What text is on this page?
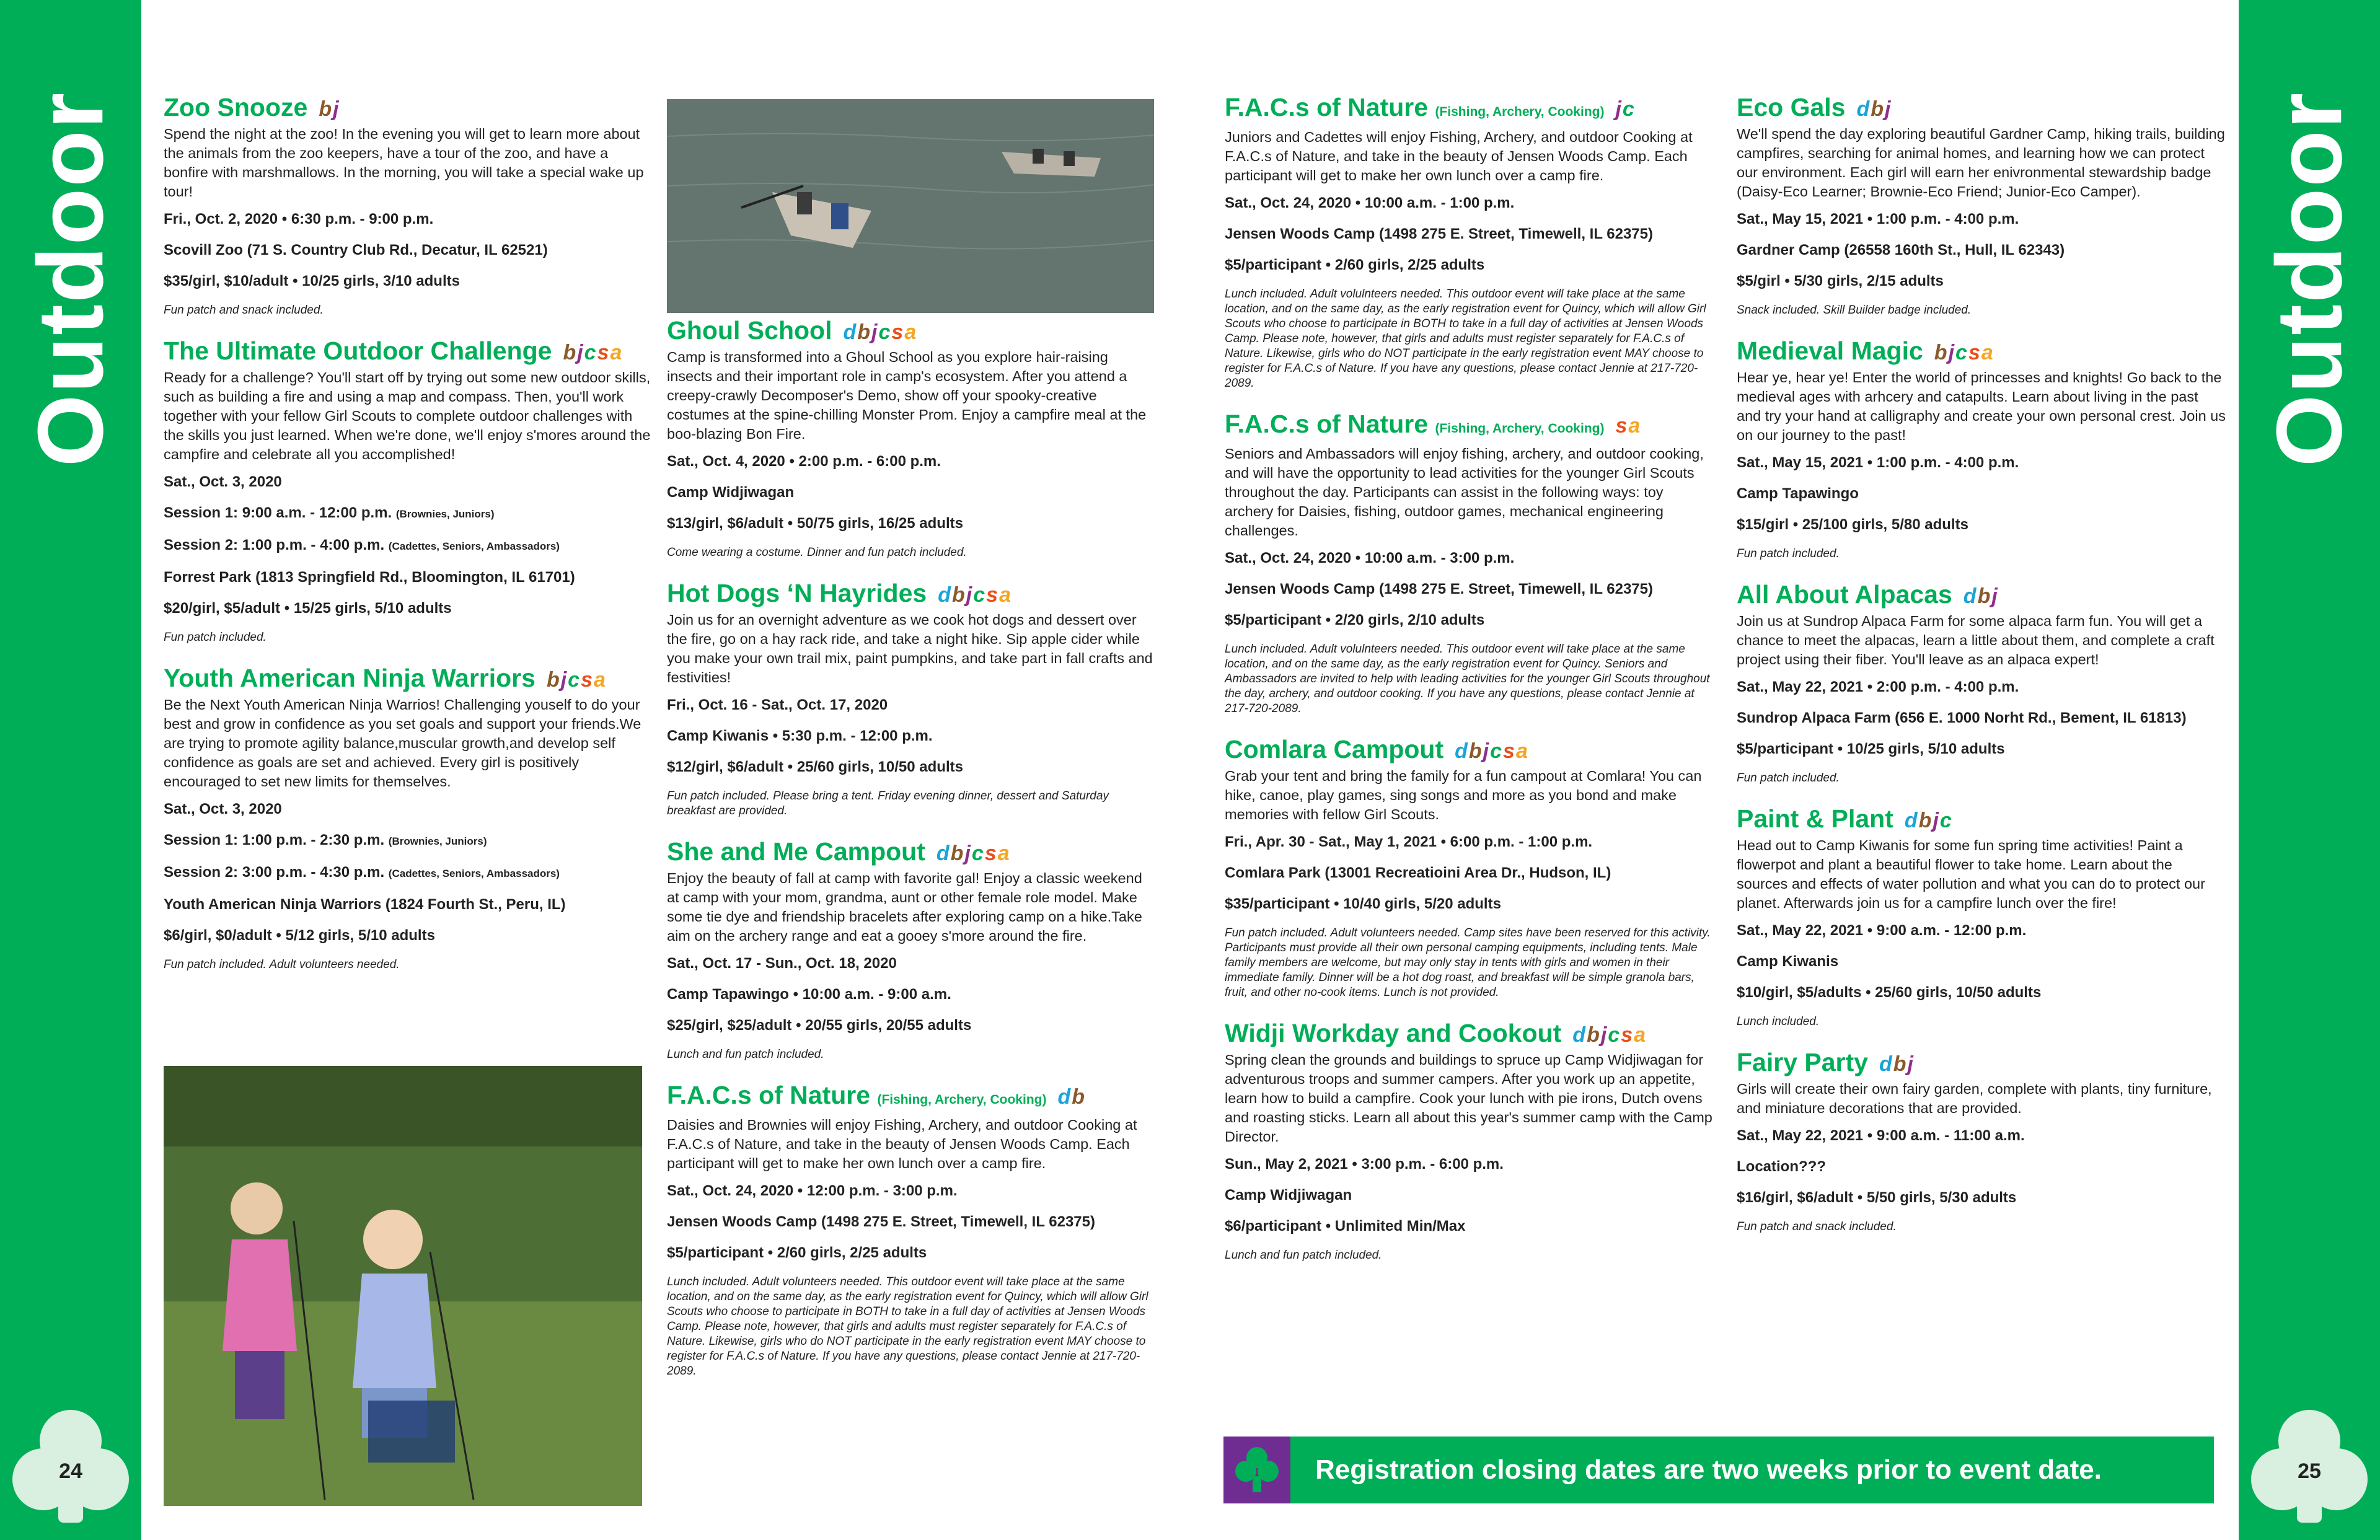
Outdoor
24
Outdoor
25
Zoo Snooze bj
Spend the night at the zoo! In the evening you will get to learn more about the animals from the zoo keepers, have a tour of the zoo, and have a bonfire with marshmallows. In the morning, you will take a special wake up tour!
Fri., Oct. 2, 2020 • 6:30 p.m. - 9:00 p.m.
Scovill Zoo (71 S. Country Club Rd., Decatur, IL 62521)
$35/girl, $10/adult • 10/25 girls, 3/10 adults
Fun patch and snack included.
The Ultimate Outdoor Challenge bjcsa
Ready for a challenge? You'll start off by trying out some new outdoor skills, such as building a fire and using a map and compass. Then, you'll work together with your fellow Girl Scouts to complete outdoor challenges with the skills you just learned. When we're done, we'll enjoy s'mores around the campfire and celebrate all you accomplished!
Sat., Oct. 3, 2020
Session 1: 9:00 a.m. - 12:00 p.m. (Brownies, Juniors)
Session 2: 1:00 p.m. - 4:00 p.m. (Cadettes, Seniors, Ambassadors)
Forrest Park (1813 Springfield Rd., Bloomington, IL 61701)
$20/girl, $5/adult • 15/25 girls, 5/10 adults
Fun patch included.
Youth American Ninja Warriors bjcsa
Be the Next Youth American Ninja Warrios! Challenging youself to do your best and grow in confidence as you set goals and support your friends.We are trying to promote agility balance,muscular growth,and develop self confidence as goals are set and achieved. Every girl is positively encouraged to set new limits for themselves.
Sat., Oct. 3, 2020
Session 1: 1:00 p.m. - 2:30 p.m. (Brownies, Juniors)
Session 2: 3:00 p.m. - 4:30 p.m. (Cadettes, Seniors, Ambassadors)
Youth American Ninja Warriors (1824 Fourth St., Peru, IL)
$6/girl, $0/adult • 5/12 girls, 5/10 adults
Fun patch included. Adult volunteers needed.
Ghoul School dbjcsa
Camp is transformed into a Ghoul School as you explore hair-raising insects and their important role in camp's ecosystem. After you attend a creepy-crawly Decomposer's Demo, show off your spooky-creative costumes at the spine-chilling Monster Prom. Enjoy a campfire meal at the boo-blazing Bon Fire.
Sat., Oct. 4, 2020 • 2:00 p.m. - 6:00 p.m.
Camp Widjiwagan
$13/girl, $6/adult • 50/75 girls, 16/25 adults
Come wearing a costume. Dinner and fun patch included.
Hot Dogs ‘N Hayrides dbjcsa
Join us for an overnight adventure as we cook hot dogs and dessert over the fire, go on a hay rack ride, and take a night hike. Sip apple cider while you make your own trail mix, paint pumpkins, and take part in fall crafts and festivities!
Fri., Oct. 16 - Sat., Oct. 17, 2020
Camp Kiwanis • 5:30 p.m. - 12:00 p.m.
$12/girl, $6/adult • 25/60 girls, 10/50 adults
Fun patch included. Please bring a tent. Friday evening dinner, dessert and Saturday breakfast are provided.
She and Me Campout dbjcsa
Enjoy the beauty of fall at camp with favorite gal! Enjoy a classic weekend at camp with your mom, grandma, aunt or other female role model. Make some tie dye and friendship bracelets after exploring camp on a hike.Take aim on the archery range and eat a gooey s'more around the fire.
Sat., Oct. 17 - Sun., Oct. 18, 2020
Camp Tapawingo • 10:00 a.m. - 9:00 a.m.
$25/girl, $25/adult • 20/55 girls, 20/55 adults
Lunch and fun patch included.
F.A.C.s of Nature (Fishing, Archery, Cooking) db
Daisies and Brownies will enjoy Fishing, Archery, and outdoor Cooking at F.A.C.s of Nature, and take in the beauty of Jensen Woods Camp. Each participant will get to make her own lunch over a camp fire.
Sat., Oct. 24, 2020 • 12:00 p.m. - 3:00 p.m.
Jensen Woods Camp (1498 275 E. Street, Timewell, IL 62375)
$5/participant • 2/60 girls, 2/25 adults
Lunch included. Adult volunteers needed. This outdoor event will take place at the same location, and on the same day, as the early registration event for Quincy, which will allow Girl Scouts who choose to participate in BOTH to take in a full day of activities at Jensen Woods Camp. Please note, however, that girls and adults must register separately for F.A.C.s of Nature. Likewise, girls who do NOT participate in the early registration event MAY choose to register for F.A.C.s of Nature. If you have any questions, please contact Jennie at 217-720-2089.
F.A.C.s of Nature (Fishing, Archery, Cooking) jc
Juniors and Cadettes will enjoy Fishing, Archery, and outdoor Cooking at F.A.C.s of Nature, and take in the beauty of Jensen Woods Camp. Each participant will get to make her own lunch over a camp fire.
Sat., Oct. 24, 2020 • 10:00 a.m. - 1:00 p.m.
Jensen Woods Camp (1498 275 E. Street, Timewell, IL 62375)
$5/participant • 2/60 girls, 2/25 adults
Lunch included. Adult volulnteers needed. This outdoor event will take place at the same location, and on the same day, as the early registration event for Quincy, which will allow Girl Scouts who choose to participate in BOTH to take in a full day of activities at Jensen Woods Camp. Please note, however, that girls and adults must register separately for F.A.C.s of Nature. Likewise, girls who do NOT participate in the early registration event MAY choose to register for F.A.C.s of Nature. If you have any questions, please contact Jennie at 217-720-2089.
F.A.C.s of Nature (Fishing, Archery, Cooking) sa
Seniors and Ambassadors will enjoy fishing, archery, and outdoor cooking, and will have the opportunity to lead activities for the younger Girl Scouts throughout the day. Participants can assist in the following ways: toy archery for Daisies, fishing, outdoor games, mechanical engineering challenges.
Sat., Oct. 24, 2020 • 10:00 a.m. - 3:00 p.m.
Jensen Woods Camp (1498 275 E. Street, Timewell, IL 62375)
$5/participant • 2/20 girls, 2/10 adults
Lunch included. Adult volulnteers needed. This outdoor event will take place at the same location, and on the same day, as the early registration event for Quincy. Seniors and Ambassadors are invited to help with leading activities for the younger Girl Scouts throughout the day, archery, and outdoor cooking. If you have any questions, please contact Jennie at 217-720-2089.
Comlara Campout dbjcsa
Grab your tent and bring the family for a fun campout at Comlara! You can hike, canoe, play games, sing songs and more as you bond and make memories with fellow Girl Scouts.
Fri., Apr. 30 - Sat., May 1, 2021 • 6:00 p.m. - 1:00 p.m.
Comlara Park (13001 Recreatioini Area Dr., Hudson, IL)
$35/participant • 10/40 girls, 5/20 adults
Fun patch included. Adult volunteers needed. Camp sites have been reserved for this activity. Participants must provide all their own personal camping equipments, including tents. Male family members are welcome, but may only stay in tents with girls and women in their immediate family. Dinner will be a hot dog roast, and breakfast will be simple granola bars, fruit, and other no-cook items. Lunch is not provided.
Widji Workday and Cookout dbjcsa
Spring clean the grounds and buildings to spruce up Camp Widjiwagan for adventurous troops and summer campers. After you work up an appetite, learn how to build a campfire. Cook your lunch with pie irons, Dutch ovens and roasting sticks. Learn all about this year's summer camp with the Camp Director.
Sun., May 2, 2021 • 3:00 p.m. - 6:00 p.m.
Camp Widjiwagan
$6/participant • Unlimited Min/Max
Lunch and fun patch included.
Eco Gals dbj
We'll spend the day exploring beautiful Gardner Camp, hiking trails, building campfires, searching for animal homes, and learning how we can protect our environment. Each girl will earn her enivronmental stewardship badge (Daisy-Eco Learner; Brownie-Eco Friend; Junior-Eco Camper).
Sat., May 15, 2021 • 1:00 p.m. - 4:00 p.m.
Gardner Camp (26558 160th St., Hull, IL 62343)
$5/girl • 5/30 girls, 2/15 adults
Snack included. Skill Builder badge included.
Medieval Magic bjcsa
Hear ye, hear ye! Enter the world of princesses and knights! Go back to the medieval ages with arhcery and catapults. Learn about living in the past and try your hand at calligraphy and create your own personal crest. Join us on our journey to the past!
Sat., May 15, 2021 • 1:00 p.m. - 4:00 p.m.
Camp Tapawingo
$15/girl • 25/100 girls, 5/80 adults
Fun patch included.
All About Alpacas dbj
Join us at Sundrop Alpaca Farm for some alpaca farm fun. You will get a chance to meet the alpacas, learn a little about them, and complete a craft project using their fiber. You'll leave as an alpaca expert!
Sat., May 22, 2021 • 2:00 p.m. - 4:00 p.m.
Sundrop Alpaca Farm (656 E. 1000 Norht Rd., Bement, IL 61813)
$5/participant • 10/25 girls, 5/10 adults
Fun patch included.
Paint & Plant dbjc
Head out to Camp Kiwanis for some fun spring time activities! Paint a flowerpot and plant a beautiful flower to take home. Learn about the sources and effects of water pollution and what you can do to protect our planet. Afterwards join us for a campfire lunch over the fire!
Sat., May 22, 2021 • 9:00 a.m. - 12:00 p.m.
Camp Kiwanis
$10/girl, $5/adults • 25/60 girls, 10/50 adults
Lunch included.
Fairy Party dbj
Girls will create their own fairy garden, complete with plants, tiny furniture, and miniature decorations that are provided.
Sat., May 22, 2021 • 9:00 a.m. - 11:00 a.m.
Location???
$16/girl, $6/adult • 5/50 girls, 5/30 adults
Fun patch and snack included.
Registration closing dates are two weeks prior to event date.
